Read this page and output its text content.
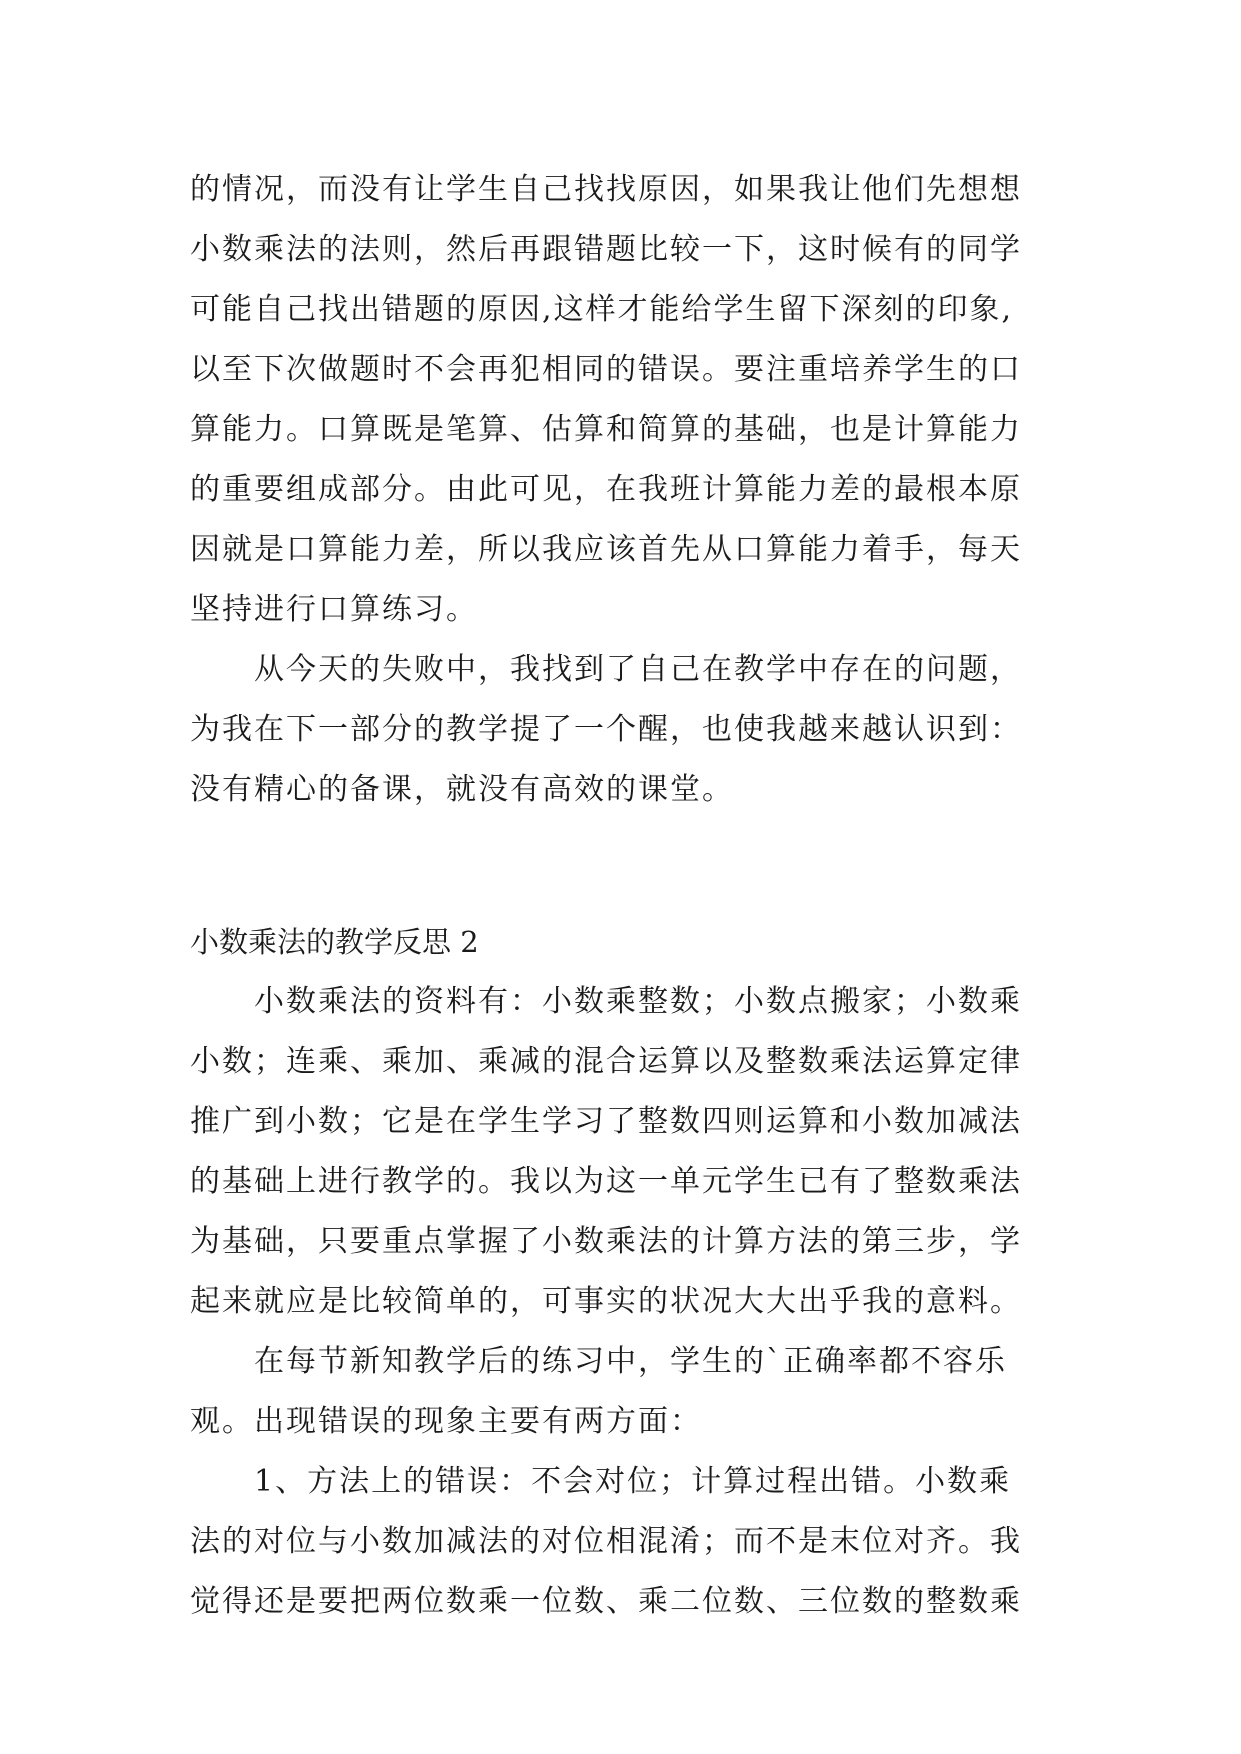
的情况，而没有让学生自己找找原因，如果我让他们先想想
小数乘法的法则，然后再跟错题比较一下，这时候有的同学
可能自己找出错题的原因,这样才能给学生留下深刻的印象,
以至下次做题时不会再犯相同的错误。要注重培养学生的口
算能力。口算既是笔算、估算和简算的基础，也是计算能力
的重要组成部分。由此可见，在我班计算能力差的最根本原
因就是口算能力差，所以我应该首先从口算能力着手，每天
坚持进行口算练习。
从今天的失败中，我找到了自己在教学中存在的问题，
为我在下一部分的教学提了一个醒，也使我越来越认识到：
没有精心的备课，就没有高效的课堂。
小数乘法的教学反思 2
小数乘法的资料有：小数乘整数；小数点搬家；小数乘
小数；连乘、乘加、乘减的混合运算以及整数乘法运算定律
推广到小数；它是在学生学习了整数四则运算和小数加减法
的基础上进行教学的。我以为这一单元学生已有了整数乘法
为基础，只要重点掌握了小数乘法的计算方法的第三步，学
起来就应是比较简单的，可事实的状况大大出乎我的意料。
在每节新知教学后的练习中，学生的`正确率都不容乐
观。出现错误的现象主要有两方面：
1、方法上的错误：不会对位；计算过程出错。小数乘
法的对位与小数加减法的对位相混淆；而不是末位对齐。我
觉得还是要把两位数乘一位数、乘二位数、三位数的整数乘
